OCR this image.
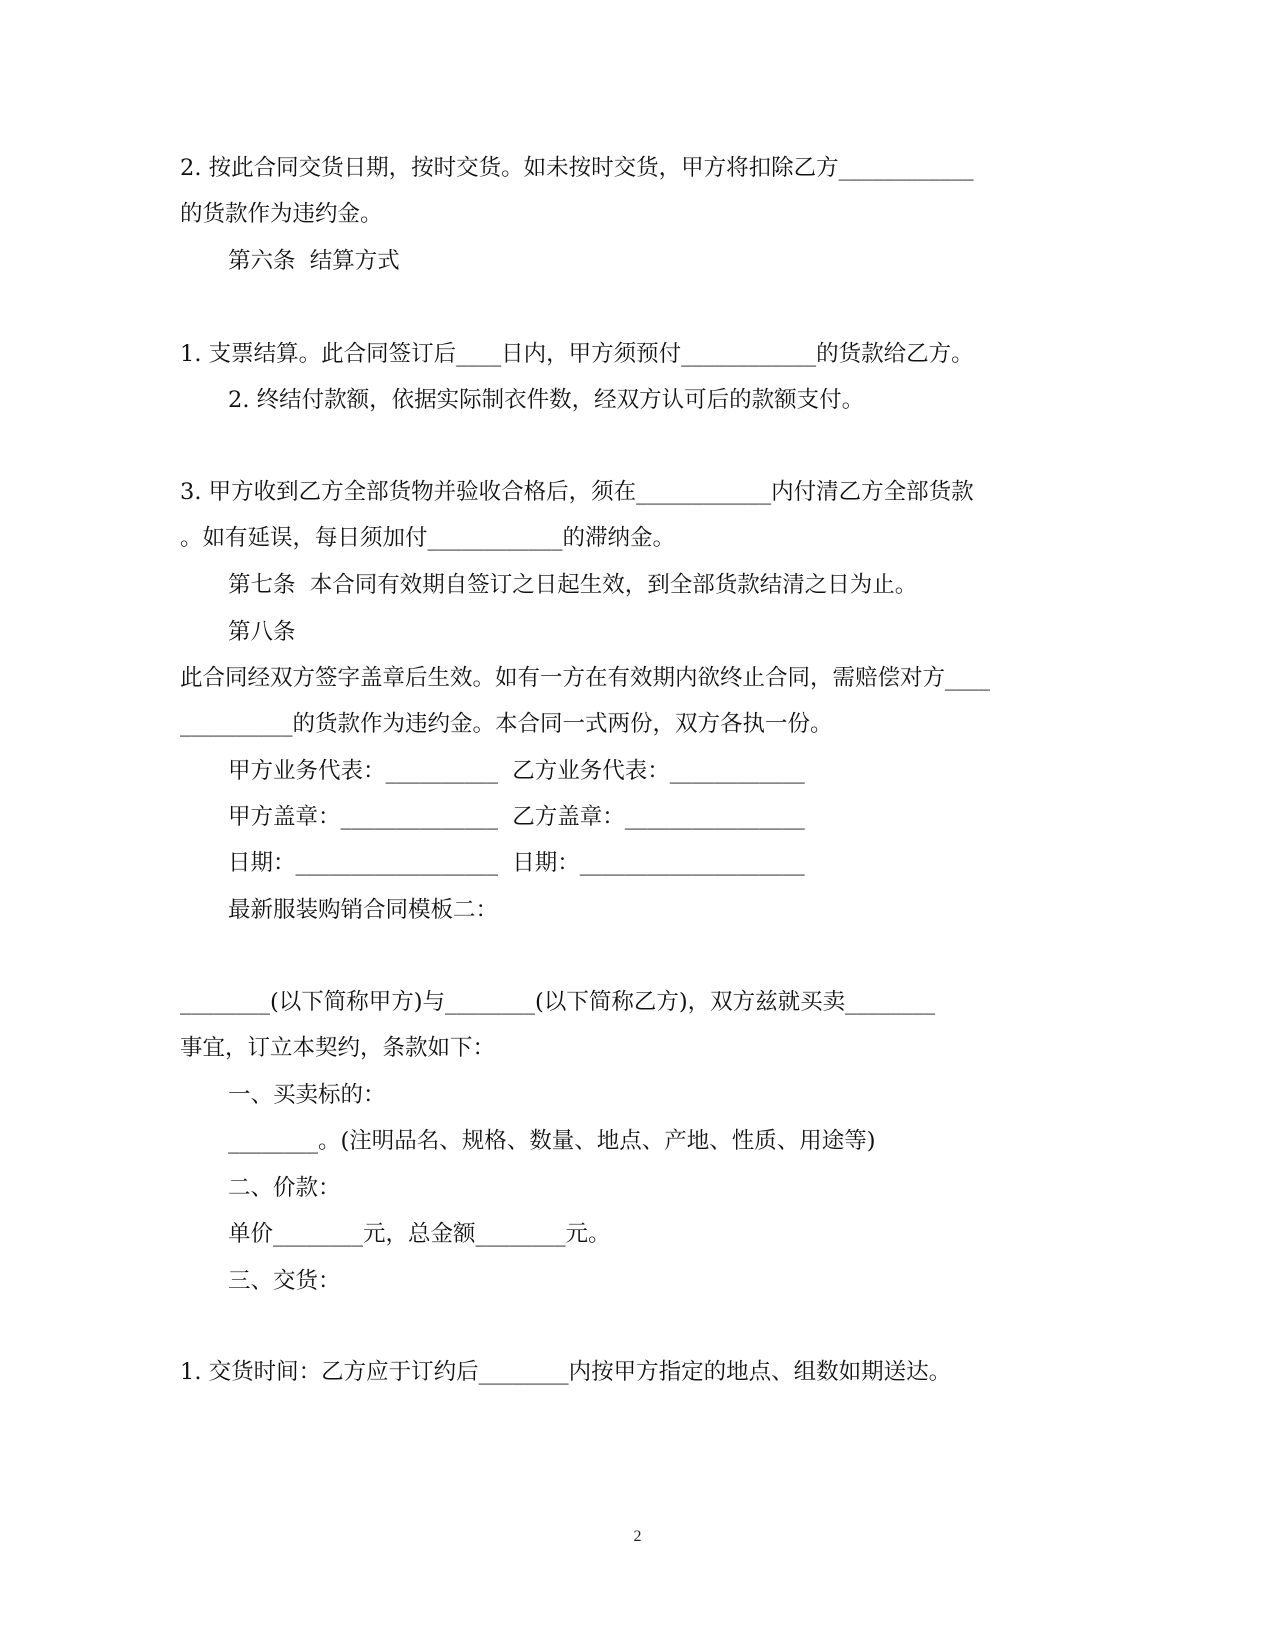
2. 按此合同交货日期，按时交货。如未按时交货，甲方将扣除乙方____________
的货款作为违约金。
第六条  结算方式
1. 支票结算。此合同签订后____日内，甲方须预付____________的货款给乙方。
2. 终结付款额，依据实际制衣件数，经双方认可后的款额支付。
3. 甲方收到乙方全部货物并验收合格后，须在____________内付清乙方全部货款
。如有延误，每日须加付____________的滞纳金。
第七条  本合同有效期自签订之日起生效，到全部货款结清之日为止。
第八条
此合同经双方签字盖章后生效。如有一方在有效期内欲终止合同，需赔偿对方____
__________的货款作为违约金。本合同一式两份，双方各执一份。
甲方业务代表：__________  乙方业务代表：____________
甲方盖章：______________  乙方盖章：________________
日期：__________________  日期：____________________
最新服装购销合同模板二：
________(以下简称甲方)与________(以下简称乙方)，双方兹就买卖________
事宜，订立本契约，条款如下：
一、买卖标的：
________。(注明品名、规格、数量、地点、产地、性质、用途等)
二、价款：
单价________元，总金额________元。
三、交货：
1. 交货时间：乙方应于订约后________内按甲方指定的地点、组数如期送达。
2
